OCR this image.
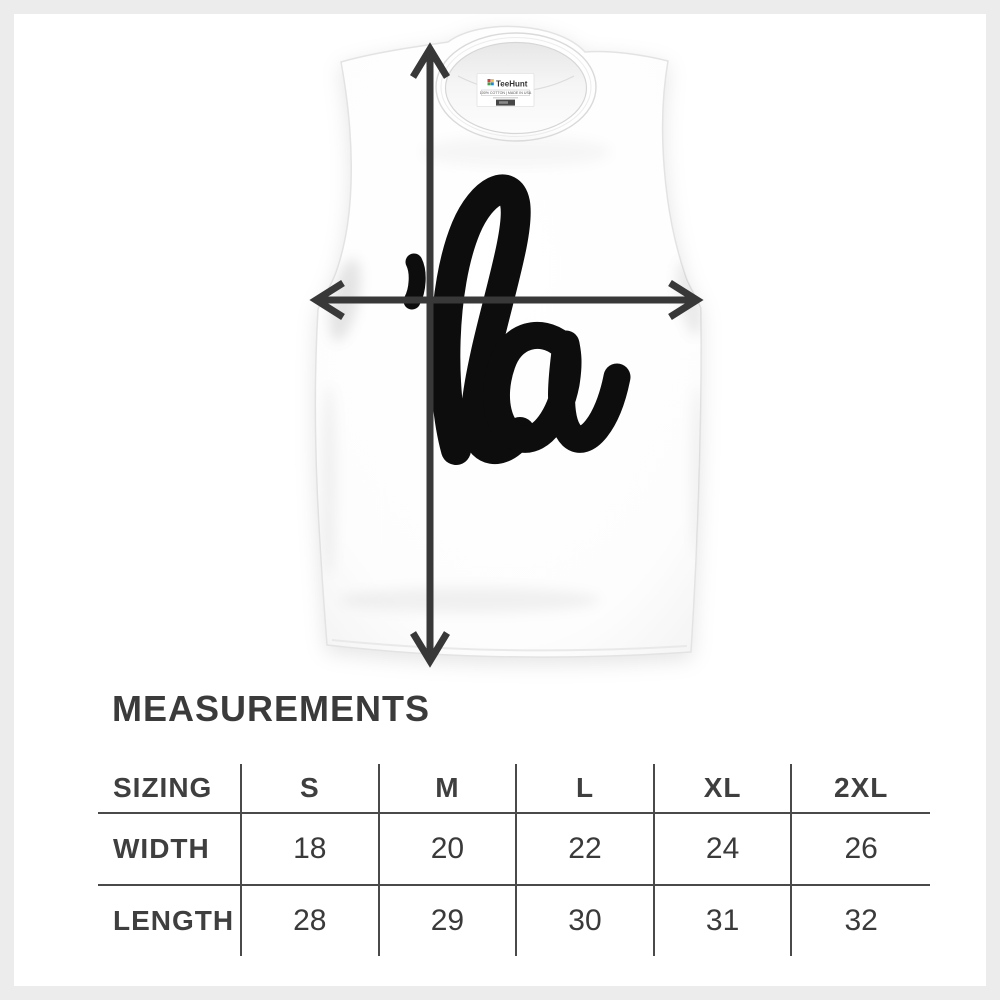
TeeHunt
100% COTTON | MADE IN USA
MEASUREMENTS
SIZING	S	M	L	XL	2XL
WIDTH	18	20	22	24	26
LENGTH	28	29	30	31	32
